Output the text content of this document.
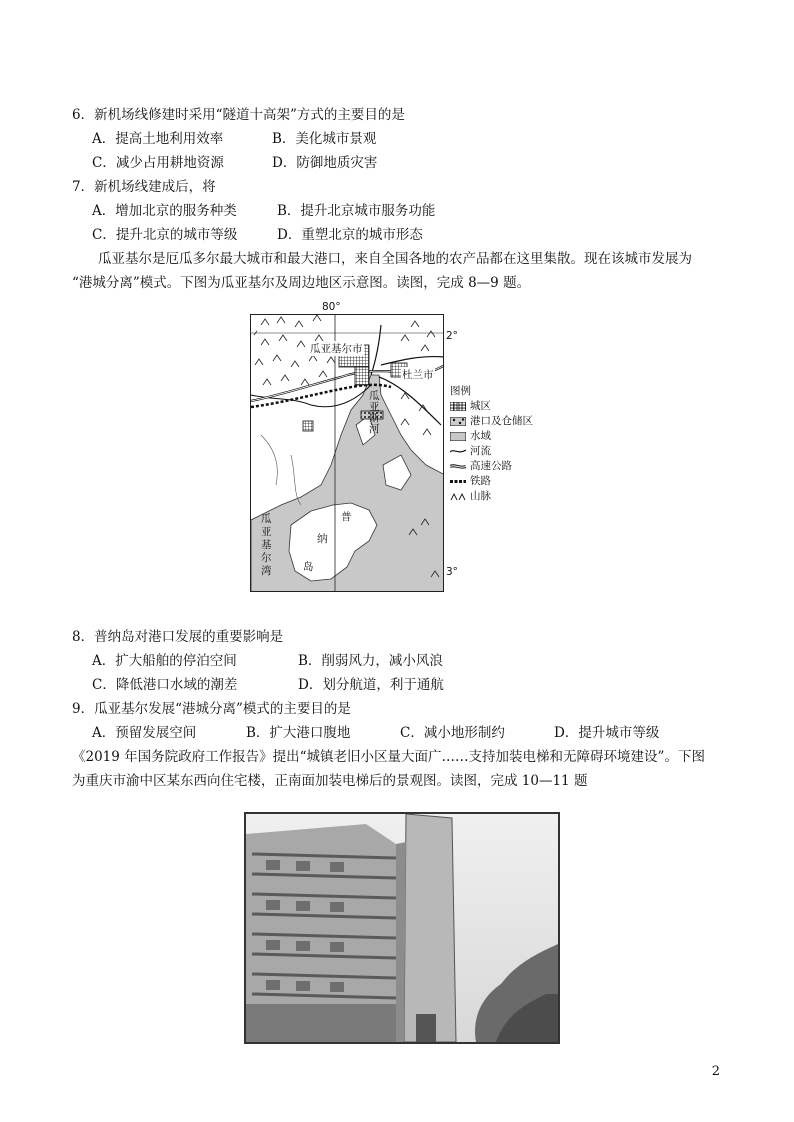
6．新机场线修建时采用“隧道十高架”方式的主要目的是
A．提高土地利用效率	B．美化城市景观
C．减少占用耕地资源	D．防御地质灾害
7．新机场线建成后，将
A．增加北京的服务种类	B．提升北京城市服务功能
C．提升北京的城市等级	D．重塑北京的城市形态
瓜亚基尔是厄瓜多尔最大城市和最大港口，来自全国各地的农产品都在这里集散。现在该城市发展为
“港城分离”模式。下图为瓜亚基尔及周边地区示意图。读图，完成 8—9 题。
80°
2°
3°
瓜亚基尔市
杜兰市
瓜
亚
斯
河
瓜
亚
基
尔
湾
普
纳
岛
图例
城区
港口及仓储区
水域
河流
高速公路
铁路
山脉
8．普纳岛对港口发展的重要影响是
A．扩大船舶的停泊空间	B．削弱风力，减小风浪
C．降低港口水域的潮差	D．划分航道，利于通航
9．瓜亚基尔发展“港城分离”模式的主要目的是
A．预留发展空间	B．扩大港口腹地	C．减小地形制约	D．提升城市等级
《2019 年国务院政府工作报告》提出“城镇老旧小区量大面广……支持加装电梯和无障碍环境建设”。下图
为重庆市渝中区某东西向住宅楼，正南面加装电梯后的景观图。读图，完成 10—11 题
2
